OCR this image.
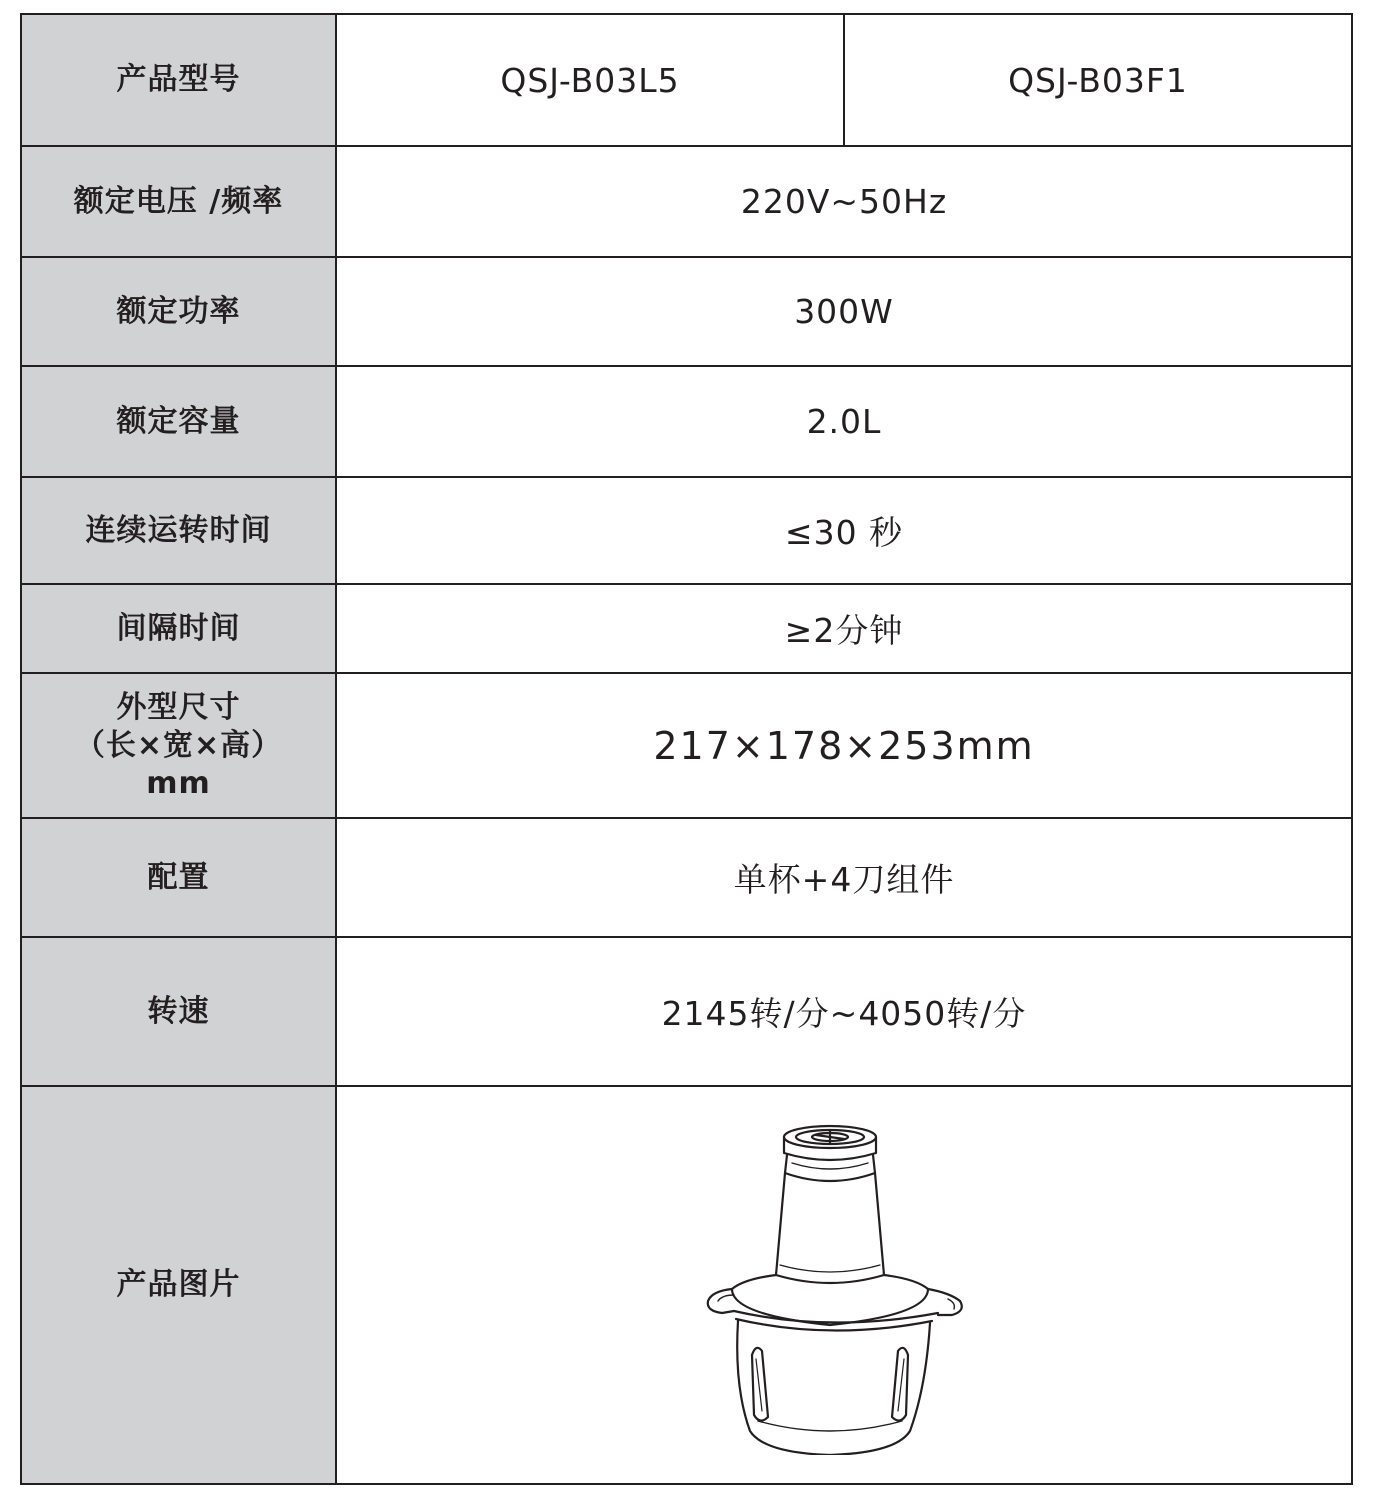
产品型号	QSJ-B03L5	QSJ-B03F1
额定电压 /频率	220V~50Hz	
额定功率	300W	
额定容量	2.0L	
连续运转时间	≤30 秒	
间隔时间	≥2分钟	

外型尺寸
（长×宽×高）
mm	217×178×253mm	
配置	单杯+4刀组件	
转速	2145转/分~4050转/分	
产品图片	
